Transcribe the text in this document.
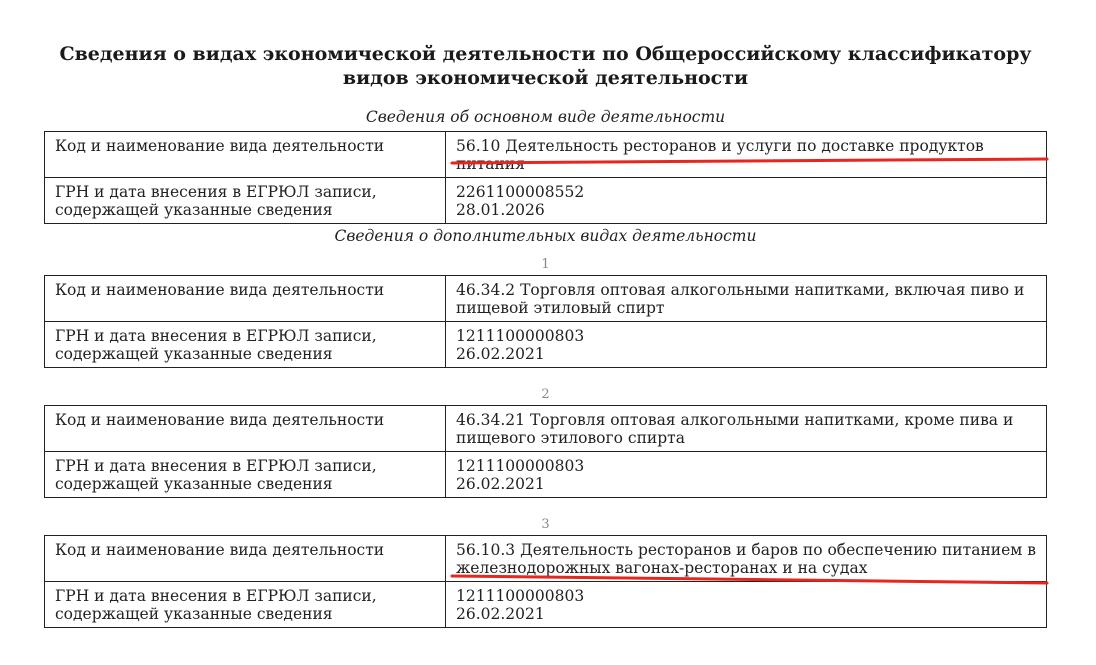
Сведения о видах экономической деятельности по Общероссийскому классификатору видов экономической деятельности
Сведения об основном виде деятельности
Код и наименование вида деятельности	56.10 Деятельность ресторанов и услуги по доставке продуктов питания
ГРН и дата внесения в ЕГРЮЛ записи, содержащей указанные сведения	2261100008552
28.01.2026
Сведения о дополнительных видах деятельности
1
Код и наименование вида деятельности	46.34.2 Торговля оптовая алкогольными напитками, включая пиво и пищевой этиловый спирт
ГРН и дата внесения в ЕГРЮЛ записи, содержащей указанные сведения	1211100000803
26.02.2021
2
Код и наименование вида деятельности	46.34.21 Торговля оптовая алкогольными напитками, кроме пива и пищевого этилового спирта
ГРН и дата внесения в ЕГРЮЛ записи, содержащей указанные сведения	1211100000803
26.02.2021
3
Код и наименование вида деятельности	56.10.3 Деятельность ресторанов и баров по обеспечению питанием в железнодорожных вагонах-ресторанах и на судах
ГРН и дата внесения в ЕГРЮЛ записи, содержащей указанные сведения	1211100000803
26.02.2021
